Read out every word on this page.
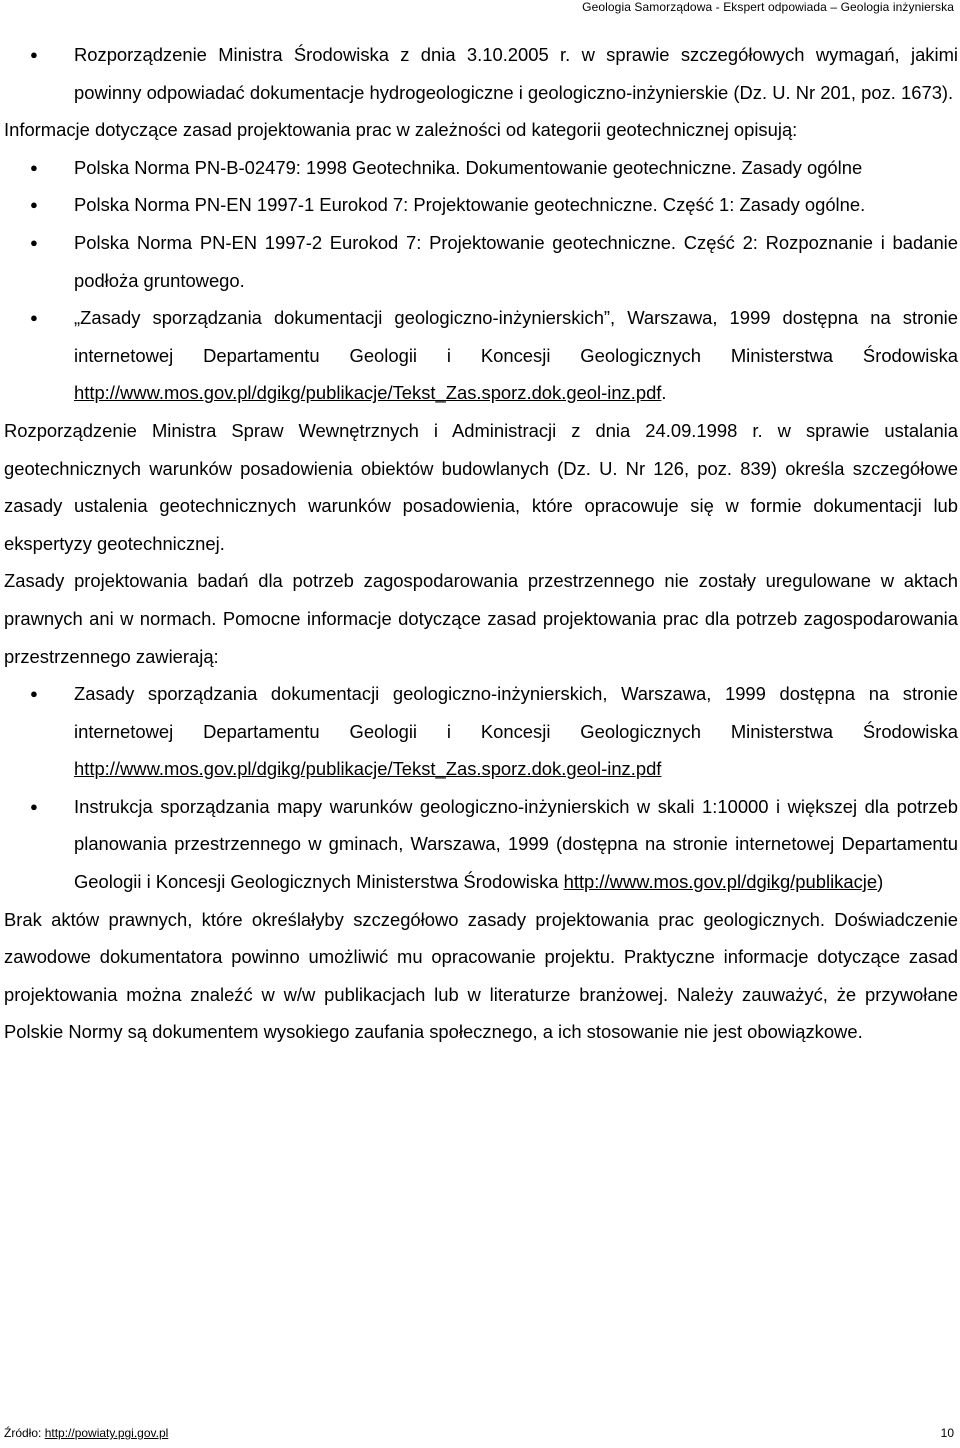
Geologia Samorządowa - Ekspert odpowiada – Geologia inżynierska
● Rozporządzenie Ministra Środowiska z dnia 3.10.2005 r. w sprawie szczegółowych wymagań, jakimi powinny odpowiadać dokumentacje hydrogeologiczne i geologiczno-inżynierskie (Dz. U. Nr 201, poz. 1673).
Informacje dotyczące zasad projektowania prac w zależności od kategorii geotechnicznej opisują:
● Polska Norma PN-B-02479: 1998 Geotechnika. Dokumentowanie geotechniczne. Zasady ogólne
● Polska Norma PN-EN 1997-1 Eurokod 7: Projektowanie geotechniczne. Część 1: Zasady ogólne.
● Polska Norma PN-EN 1997-2 Eurokod 7: Projektowanie geotechniczne. Część 2: Rozpoznanie i badanie podłoża gruntowego.
● „Zasady sporządzania dokumentacji geologiczno-inżynierskich”, Warszawa, 1999 dostępna na stronie internetowej Departamentu Geologii i Koncesji Geologicznych Ministerstwa Środowiska http://www.mos.gov.pl/dgikg/publikacje/Tekst_Zas.sporz.dok.geol-inz.pdf.
Rozporządzenie Ministra Spraw Wewnętrznych i Administracji z dnia 24.09.1998 r. w sprawie ustalania geotechnicznych warunków posadowienia obiektów budowlanych (Dz. U. Nr 126, poz. 839) określa szczegółowe zasady ustalenia geotechnicznych warunków posadowienia, które opracowuje się w formie dokumentacji lub ekspertyzy geotechnicznej.
Zasady projektowania badań dla potrzeb zagospodarowania przestrzennego nie zostały uregulowane w aktach prawnych ani w normach. Pomocne informacje dotyczące zasad projektowania prac dla potrzeb zagospodarowania przestrzennego zawierają:
● Zasady sporządzania dokumentacji geologiczno-inżynierskich, Warszawa, 1999 dostępna na stronie internetowej Departamentu Geologii i Koncesji Geologicznych Ministerstwa Środowiska http://www.mos.gov.pl/dgikg/publikacje/Tekst_Zas.sporz.dok.geol-inz.pdf
● Instrukcja sporządzania mapy warunków geologiczno-inżynierskich w skali 1:10000 i większej dla potrzeb planowania przestrzennego w gminach, Warszawa, 1999 (dostępna na stronie internetowej Departamentu Geologii i Koncesji Geologicznych Ministerstwa Środowiska http://www.mos.gov.pl/dgikg/publikacje)
Brak aktów prawnych, które określałyby szczegółowo zasady projektowania prac geologicznych. Doświadczenie zawodowe dokumentatora powinno umożliwić mu opracowanie projektu. Praktyczne informacje dotyczące zasad projektowania można znaleźć w w/w publikacjach lub w literaturze branżowej. Należy zauważyć, że przywołane Polskie Normy są dokumentem wysokiego zaufania społecznego, a ich stosowanie nie jest obowiązkowe.
Źródło: http://powiaty.pgi.gov.pl	10
